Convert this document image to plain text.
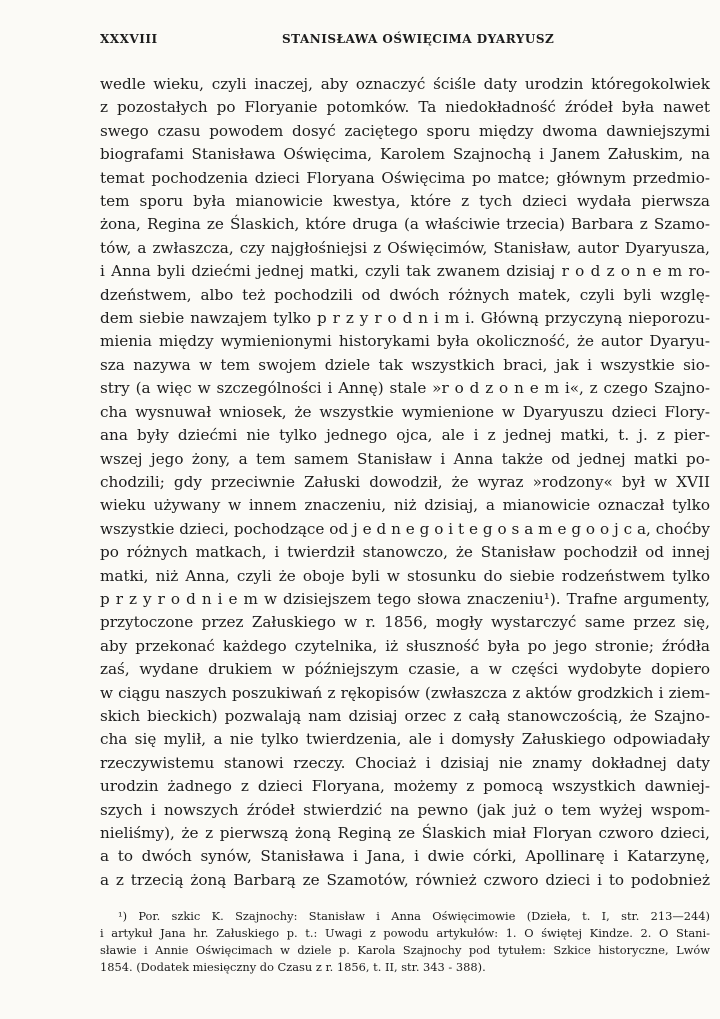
XXXVIII	STANISŁAWA OŚWIĘCIMA DYARYUSZ
wedle wieku, czyli inaczej, aby oznaczyć ściśle daty urodzin któregokolwiek
z pozostałych po Floryanie potomków. Ta niedokładność źródeł była nawet
swego czasu powodem dosyć zaciętego sporu między dwoma dawniejszymi
biografami Stanisława Oświęcima, Karolem Szajnochą i Janem Załuskim, na
temat pochodzenia dzieci Floryana Oświęcima po matce; głównym przedmio-
tem sporu była mianowicie kwestya, które z tych dzieci wydała pierwsza
żona, Regina ze Ślaskich, które druga (a właściwie trzecia) Barbara z Szamo-
tów, a zwłaszcza, czy najgłośniejsi z Oświęcimów, Stanisław, autor Dyaryusza,
i Anna byli dziećmi jednej matki, czyli tak zwanem dzisiaj r o d z o n e m ro-
dzeństwem, albo też pochodzili od dwóch różnych matek, czyli byli wzglę-
dem siebie nawzajem tylko p r z y r o d n i m i. Główną przyczyną nieporozu-
mienia między wymienionymi historykami była okoliczność, że autor Dyaryu-
sza nazywa w tem swojem dziele tak wszystkich braci, jak i wszystkie sio-
stry (a więc w szczególności i Annę) stale »r o d z o n e m i«, z czego Szajno-
cha wysnuwał wniosek, że wszystkie wymienione w Dyaryuszu dzieci Flory-
ana były dziećmi nie tylko jednego ojca, ale i z jednej matki, t. j. z pier-
wszej jego żony, a tem samem Stanisław i Anna także od jednej matki po-
chodzili; gdy przeciwnie Załuski dowodził, że wyraz »rodzony« był w XVII
wieku używany w innem znaczeniu, niż dzisiaj, a mianowicie oznaczał tylko
wszystkie dzieci, pochodzące od j e d n e g o i t e g o s a m e g o o j c a, choćby
po różnych matkach, i twierdził stanowczo, że Stanisław pochodził od innej
matki, niż Anna, czyli że oboje byli w stosunku do siebie rodzeństwem tylko
p r z y r o d n i e m w dzisiejszem tego słowa znaczeniu¹). Trafne argumenty,
przytoczone przez Załuskiego w r. 1856, mogły wystarczyć same przez się,
aby przekonać każdego czytelnika, iż słuszność była po jego stronie; źródła
zaś, wydane drukiem w późniejszym czasie, a w części wydobyte dopiero
w ciągu naszych poszukiwań z rękopisów (zwłaszcza z aktów grodzkich i ziem-
skich bieckich) pozwalają nam dzisiaj orzec z całą stanowczością, że Szajno-
cha się mylił, a nie tylko twierdzenia, ale i domysły Załuskiego odpowiadały
rzeczywistemu stanowi rzeczy. Chociaż i dzisiaj nie znamy dokładnej daty
urodzin żadnego z dzieci Floryana, możemy z pomocą wszystkich dawniej-
szych i nowszych źródeł stwierdzić na pewno (jak już o tem wyżej wspom-
nieliśmy), że z pierwszą żoną Reginą ze Ślaskich miał Floryan czworo dzieci,
a to dwóch synów, Stanisława i Jana, i dwie córki, Apollinarę i Katarzynę,
a z trzecią żoną Barbarą ze Szamotów, również czworo dzieci i to podobnież
¹) Por. szkic K. Szajnochy: Stanisław i Anna Oświęcimowie (Dzieła, t. I, str. 213—244)
i artykuł Jana hr. Załuskiego p. t.: Uwagi z powodu artykułów: 1. O świętej Kindze. 2. O Stani-
sławie i Annie Oświęcimach w dziele p. Karola Szajnochy pod tytułem: Szkice historyczne, Lwów
1854. (Dodatek miesięczny do Czasu z r. 1856, t. II, str. 343 - 388).
